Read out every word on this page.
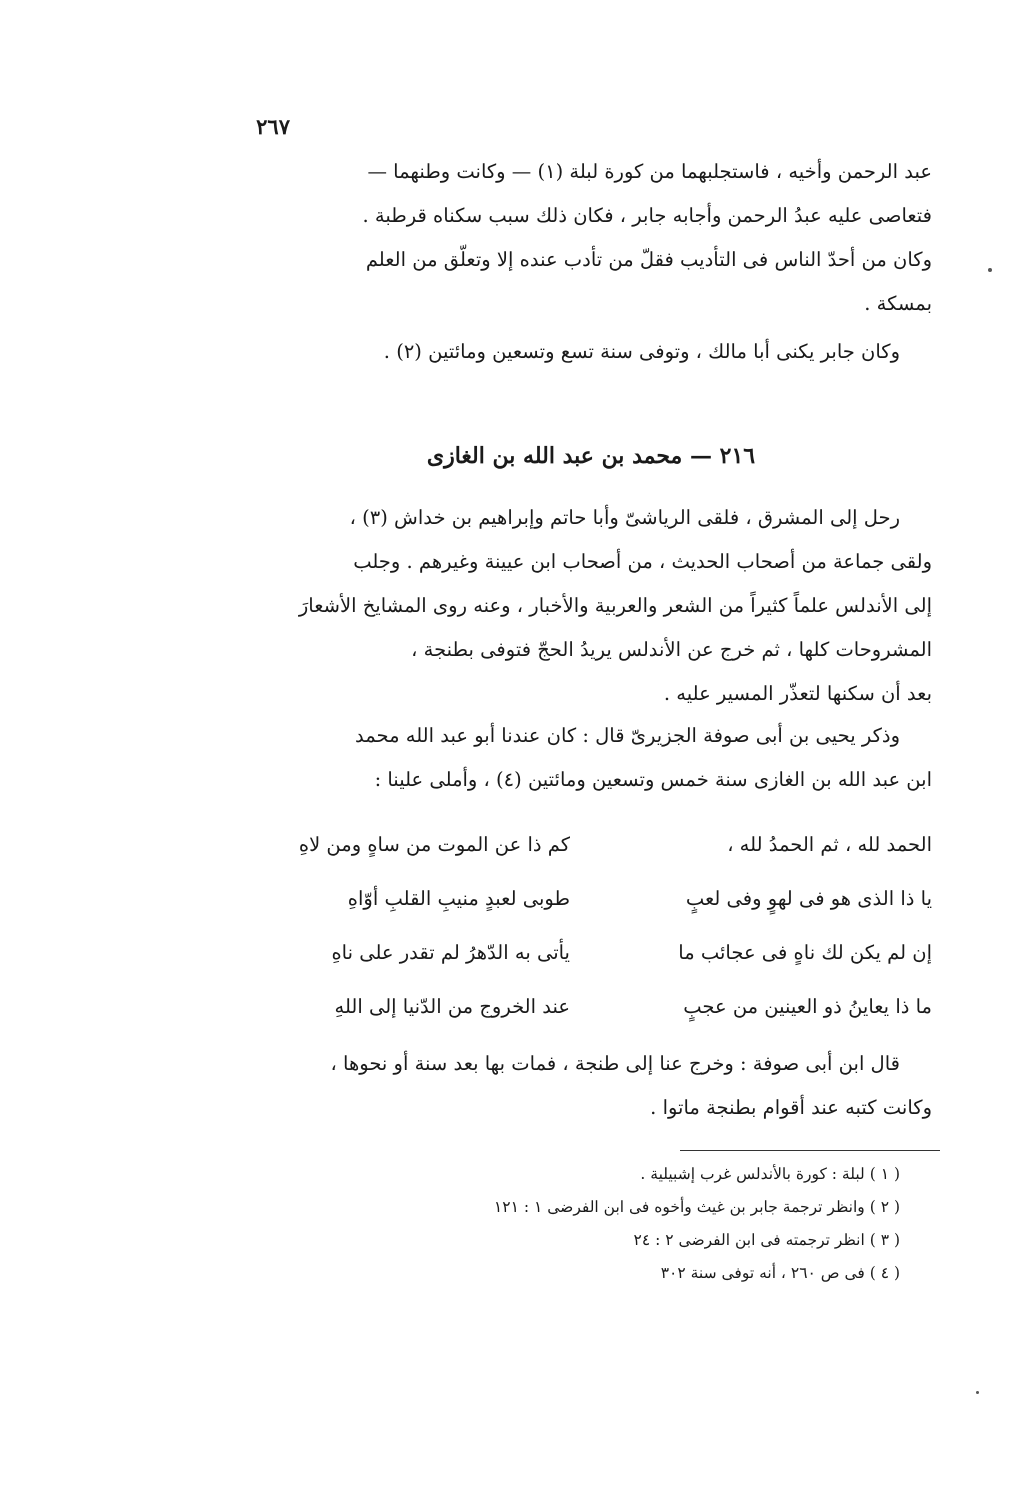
٢٦٧
عبد الرحمن وأخيه ، فاستجلبهما من كورة لبلة (١) — وكانت وطنهما —
فتعاصى عليه عبدُ الرحمن وأجابه جابر ، فكان ذلك سبب سكناه قرطبة .
وكان من أحدّ الناس فى التأديب فقلّ من تأدب عنده إلا وتعلّق من العلم
بمسكة .
وكان جابر يكنى أبا مالك ، وتوفى سنة تسع وتسعين ومائتين (٢) .
٢١٦ — محمد بن عبد الله بن الغازى
رحل إلى المشرق ، فلقى الرياشىّ وأبا حاتم وإبراهيم بن خداش (٣) ،
ولقى جماعة من أصحاب الحديث ، من أصحاب ابن عيينة وغيرهم . وجلب
إلى الأندلس علماً كثيراً من الشعر والعربية والأخبار ، وعنه روى المشايخ الأشعارَ
المشروحات كلها ، ثم خرج عن الأندلس يريدُ الحجّ فتوفى بطنجة ،
بعد أن سكنها لتعذّر المسير عليه .
وذكر يحيى بن أبى صوفة الجزيرىّ قال : كان عندنا أبو عبد الله محمد
ابن عبد الله بن الغازى سنة خمس وتسعين ومائتين (٤) ، وأملى علينا :
الحمد لله ، ثم الحمدُ لله ،
كم ذا عن الموت من ساهٍ ومن لاهِ
يا ذا الذى هو فى لهوٍ وفى لعبٍ
طوبى لعبدٍ منيبِ القلبِ أوّاهِ
إن لم يكن لك ناهٍ فى عجائب ما
يأتى به الدّهرُ لم تقدر على ناهِ
ما ذا يعاينُ ذو العينين من عجبٍ
عند الخروج من الدّنيا إلى اللهِ
قال ابن أبى صوفة : وخرج عنا إلى طنجة ، فمات بها بعد سنة أو نحوها ،
وكانت كتبه عند أقوام بطنجة ماتوا .
( ١ ) لبلة : كورة بالأندلس غرب إشبيلية .
( ٢ ) وانظر ترجمة جابر بن غيث وأخوه فى ابن الفرضى ١ : ١٢١
( ٣ ) انظر ترجمته فى ابن الفرضى ٢ : ٢٤
( ٤ ) فى ص ٢٦٠ ، أنه توفى سنة ٣٠٢
